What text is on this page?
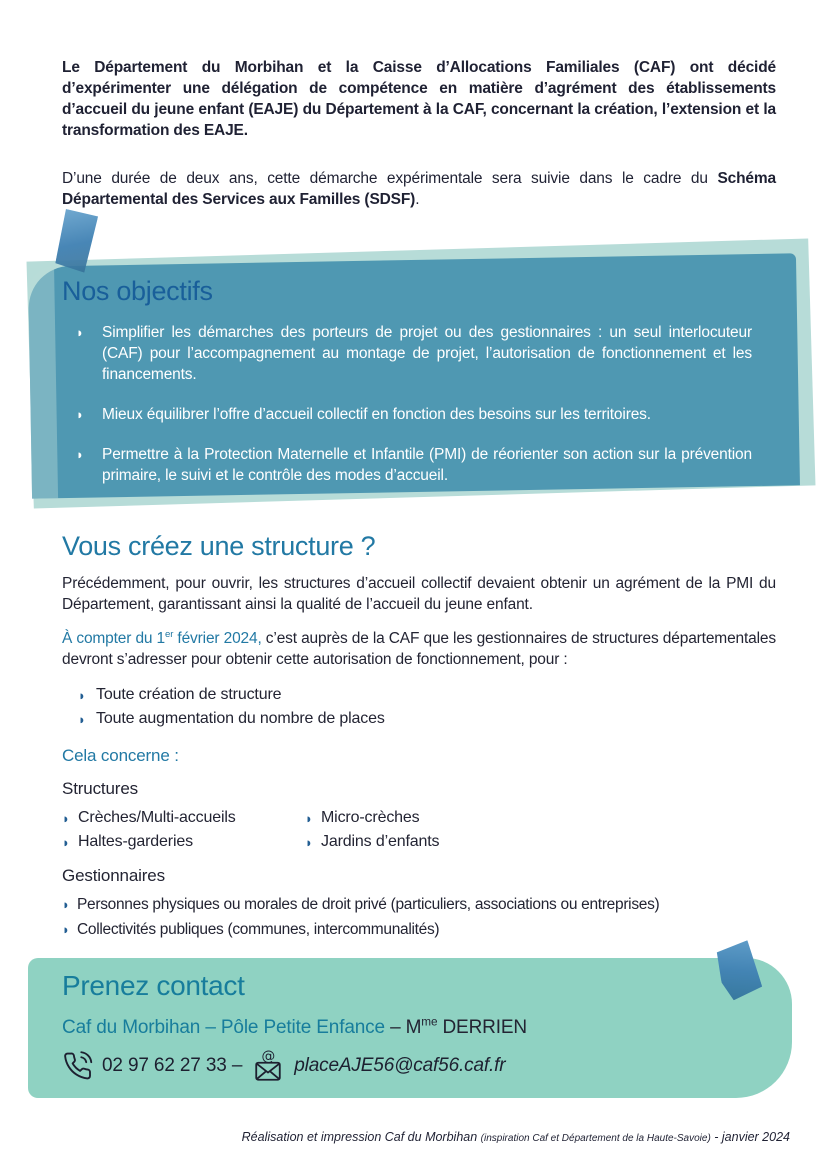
Le Département du Morbihan et la Caisse d’Allocations Familiales (CAF) ont décidé d’expérimenter une délégation de compétence en matière d’agrément des établissements d’accueil du jeune enfant (EAJE) du Département à la CAF, concernant la création, l’extension et la transformation des EAJE.

D’une durée de deux ans, cette démarche expérimentale sera suivie dans le cadre du Schéma Départemental des Services aux Familles (SDSF).

Nos objectifs
◗ Simplifier les démarches des porteurs de projet ou des gestionnaires : un seul interlocuteur (CAF) pour l’accompagnement au montage de projet, l’autorisation de fonctionnement et les financements.
◗ Mieux équilibrer l’offre d’accueil collectif en fonction des besoins sur les territoires.
◗ Permettre à la Protection Maternelle et Infantile (PMI) de réorienter son action sur la prévention primaire, le suivi et le contrôle des modes d’accueil.
Vous créez une structure ?

Précédemment, pour ouvrir, les structures d’accueil collectif devaient obtenir un agrément de la PMI du Département, garantissant ainsi la qualité de l’accueil du jeune enfant.

À compter du 1er février 2024, c’est auprès de la CAF que les gestionnaires de structures départementales devront s’adresser pour obtenir cette autorisation de fonctionnement, pour :

◗ Toute création de structure
◗ Toute augmentation du nombre de places

Cela concerne :

Structures

◗ Crèches/Multi-accueils
◗ Haltes-garderies
◗ Micro-crèches
◗ Jardins d’enfants

Gestionnaires

◗ Personnes physiques ou morales de droit privé (particuliers, associations ou entreprises)
◗ Collectivités publiques (communes, intercommunalités)
Prenez contact

Caf du Morbihan – Pôle Petite Enfance – $M^{me}$ DERRIEN

02 97 62 27 33 – @ placeAJE56@caf56.caf.fr
Réalisation et impression Caf du Morbihan (inspiration Caf et Département de la Haute-Savoie) - janvier 2024
